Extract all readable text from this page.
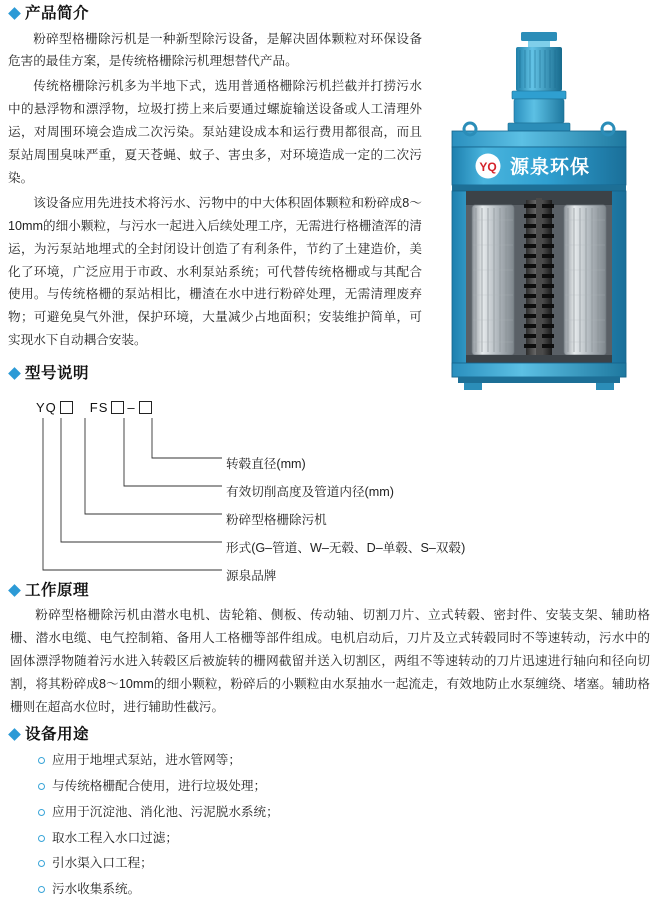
产品简介
YQ 源泉环保

粉碎型格栅除污机是一种新型除污设备，是解决固体颗粒对环保设备危害的最佳方案，是传统格栅除污机理想替代产品。

传统格栅除污机多为半地下式，选用普通格栅除污机拦截并打捞污水中的悬浮物和漂浮物，垃圾打捞上来后要通过螺旋输送设备或人工清理外运，对周围环境会造成二次污染。泵站建设成本和运行费用都很高，而且泵站周围臭味严重，夏天苍蝇、蚊子、害虫多，对环境造成一定的二次污染。

该设备应用先进技术将污水、污物中的中大体积固体颗粒和粉碎成8～10mm的细小颗粒，与污水一起进入后续处理工序，无需进行格栅渣浑的清运，为污泵站地埋式的全封闭设计创造了有利条件，节约了土建造价，美化了环境，广泛应用于市政、水利泵站系统；可代替传统格栅或与其配合使用。与传统格栅的泵站相比，栅渣在水中进行粉碎处理，无需清理废弃物；可避免臭气外泄，保护环境，大量减少占地面积；安装维护简单，可实现水下自动耦合安装。

型号说明
YQ	FS –
转毂直径(mm)
有效切削高度及管道内径(mm)
粉碎型格栅除污机
形式(G–管道、W–无毂、D–单毂、S–双毂)
源泉品牌
工作原理

粉碎型格栅除污机由潜水电机、齿轮箱、侧板、传动轴、切割刀片、立式转毂、密封件、安装支架、辅助格栅、潜水电缆、电气控制箱、备用人工格栅等部件组成。电机启动后，刀片及立式转毂同时不等速转动，污水中的固体漂浮物随着污水进入转毂区后被旋转的栅网截留并送入切割区，两组不等速转动的刀片迅速进行轴向和径向切割，将其粉碎成8～10mm的细小颗粒，粉碎后的小颗粒由水泵抽水一起流走，有效地防止水泵缠绕、堵塞。辅助格栅则在超高水位时，进行辅助性截污。

设备用途
应用于地埋式泵站，进水管网等；
与传统格栅配合使用，进行垃圾处理；
应用于沉淀池、消化池、污泥脱水系统；
取水工程入水口过滤；
引水渠入口工程；
污水收集系统。
